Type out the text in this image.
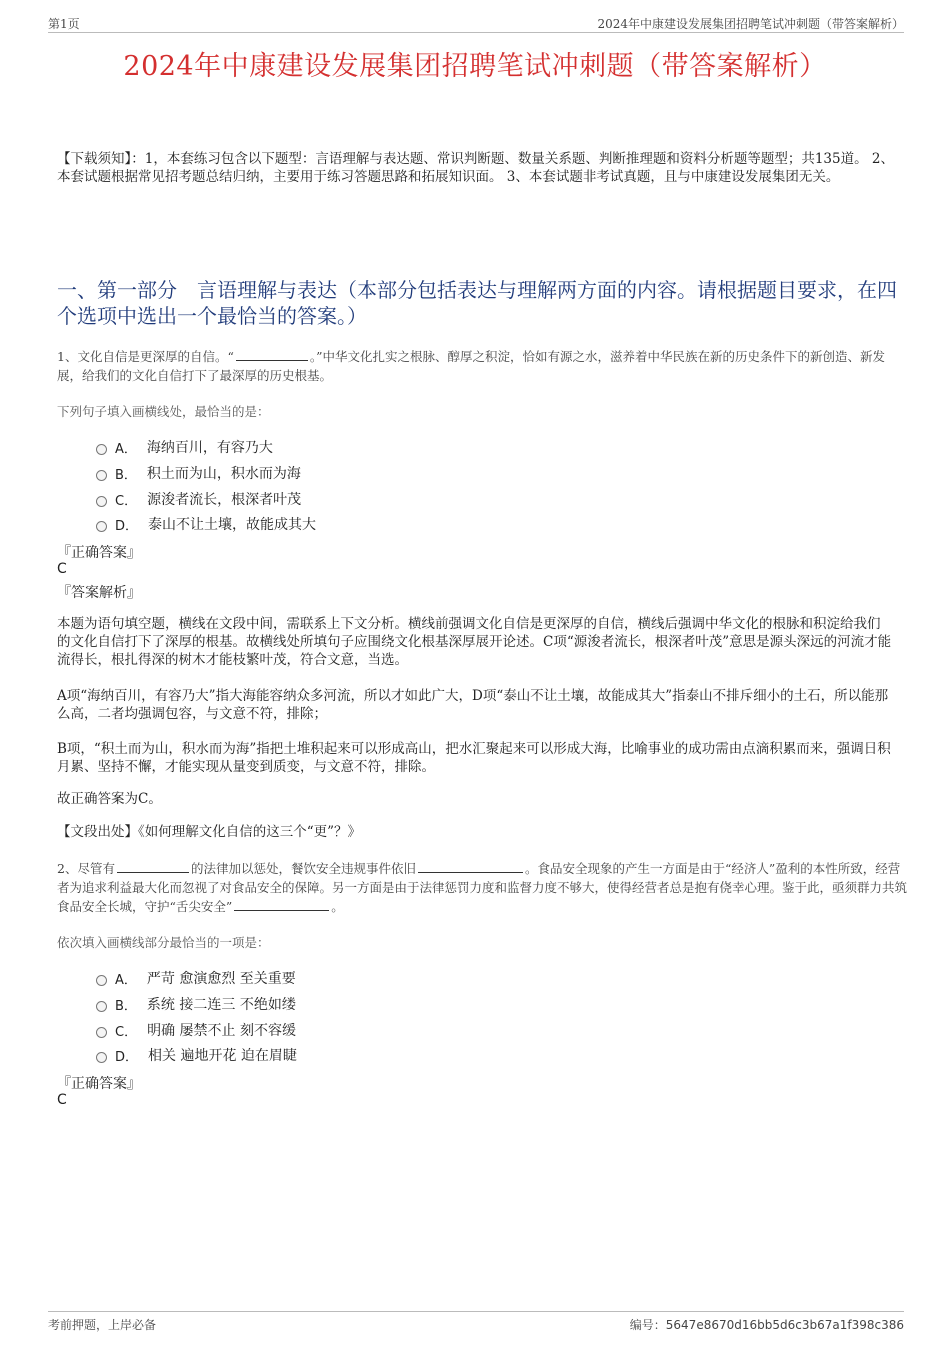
第1页	2024年中康建设发展集团招聘笔试冲刺题（带答案解析）
2024年中康建设发展集团招聘笔试冲刺题（带答案解析）
【下载须知】：1，本套练习包含以下题型：言语理解与表达题、常识判断题、数量关系题、判断推理题和资料分析题等题型；共135道。 2、本套试题根据常见招考题总结归纳，主要用于练习答题思路和拓展知识面。 3、本套试题非考试真题，且与中康建设发展集团无关。
一、第一部分　言语理解与表达（本部分包括表达与理解两方面的内容。请根据题目要求，在四个选项中选出一个最恰当的答案。）
1、文化自信是更深厚的自信。“	。”中华文化扎实之根脉、醇厚之积淀，恰如有源之水，滋养着中华民族在新的历史条件下的新创造、新发展，给我们的文化自信打下了最深厚的历史根基。
下列句子填入画横线处，最恰当的是：
A． 海纳百川，有容乃大
B． 积土而为山，积水而为海
C． 源浚者流长，根深者叶茂
D． 泰山不让土壤，故能成其大
『正确答案』
C
『答案解析』
本题为语句填空题，横线在文段中间，需联系上下文分析。横线前强调文化自信是更深厚的自信，横线后强调中华文化的根脉和积淀给我们的文化自信打下了深厚的根基。故横线处所填句子应围绕文化根基深厚展开论述。C项“源浚者流长，根深者叶茂”意思是源头深远的河流才能流得长，根扎得深的树木才能枝繁叶茂，符合文意，当选。
A项“海纳百川，有容乃大”指大海能容纳众多河流，所以才如此广大，D项“泰山不让土壤，故能成其大”指泰山不排斥细小的土石，所以能那么高，二者均强调包容，与文意不符，排除；
B项，“积土而为山，积水而为海”指把土堆积起来可以形成高山，把水汇聚起来可以形成大海，比喻事业的成功需由点滴积累而来，强调日积月累、坚持不懈，才能实现从量变到质变，与文意不符，排除。
故正确答案为C。
【文段出处】《如何理解文化自信的这三个“更”？》
2、尽管有	的法律加以惩处，餐饮安全违规事件依旧	。食品安全现象的产生一方面是由于“经济人”盈利的本性所致，经营者为追求利益最大化而忽视了对食品安全的保障。另一方面是由于法律惩罚力度和监督力度不够大，使得经营者总是抱有侥幸心理。鉴于此，亟须群力共筑食品安全长城，守护“舌尖安全”	。
依次填入画横线部分最恰当的一项是：
A． 严苛 愈演愈烈 至关重要
B． 系统 接二连三 不绝如缕
C． 明确 屡禁不止 刻不容缓
D． 相关 遍地开花 迫在眉睫
『正确答案』
C
考前押题，上岸必备	编号：5647e8670d16bb5d6c3b67a1f398c386
